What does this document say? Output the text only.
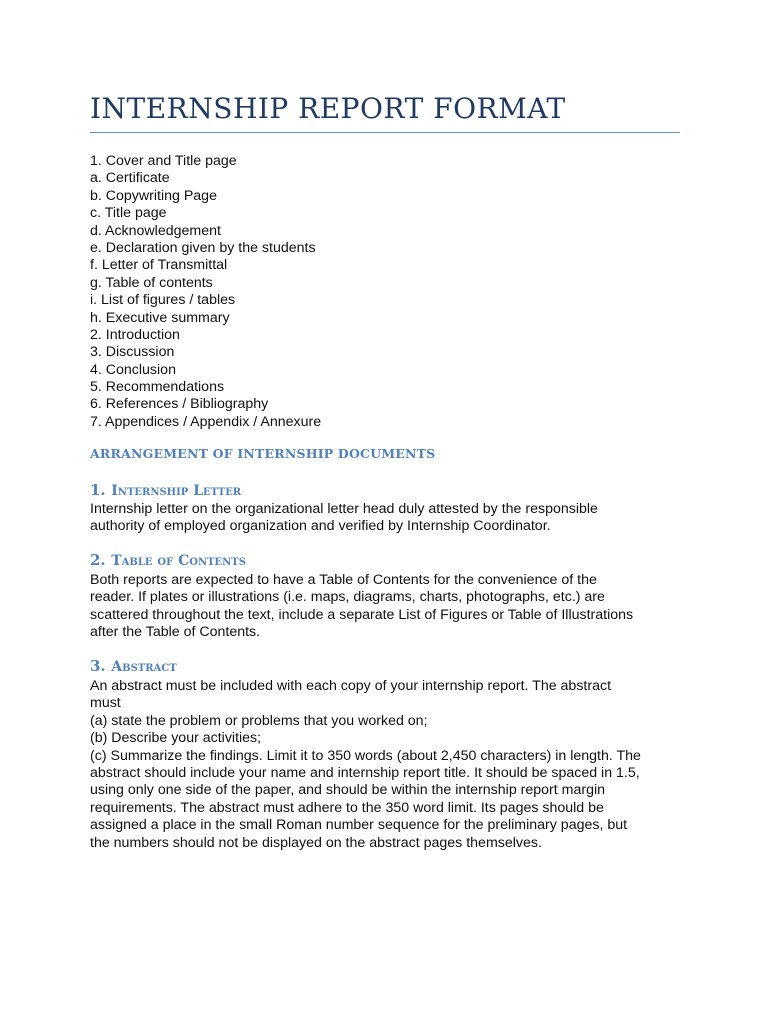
INTERNSHIP REPORT FORMAT
1. Cover and Title page
a. Certificate
b. Copywriting Page
c. Title page
d. Acknowledgement
e. Declaration given by the students
f. Letter of Transmittal
g. Table of contents
i. List of figures / tables
h. Executive summary
2. Introduction
3. Discussion
4. Conclusion
5. Recommendations
6. References / Bibliography
7. Appendices / Appendix / Annexure
ARRANGEMENT OF INTERNSHIP DOCUMENTS
1. Internship Letter
Internship letter on the organizational letter head duly attested by the responsible
authority of employed organization and verified by Internship Coordinator.
2. Table of Contents
Both reports are expected to have a Table of Contents for the convenience of the
reader. If plates or illustrations (i.e. maps, diagrams, charts, photographs, etc.) are
scattered throughout the text, include a separate List of Figures or Table of Illustrations
after the Table of Contents.
3. Abstract
An abstract must be included with each copy of your internship report. The abstract
must
(a) state the problem or problems that you worked on;
(b) Describe your activities;
(c) Summarize the findings. Limit it to 350 words (about 2,450 characters) in length. The
abstract should include your name and internship report title. It should be spaced in 1.5,
using only one side of the paper, and should be within the internship report margin
requirements. The abstract must adhere to the 350 word limit. Its pages should be
assigned a place in the small Roman number sequence for the preliminary pages, but
the numbers should not be displayed on the abstract pages themselves.
